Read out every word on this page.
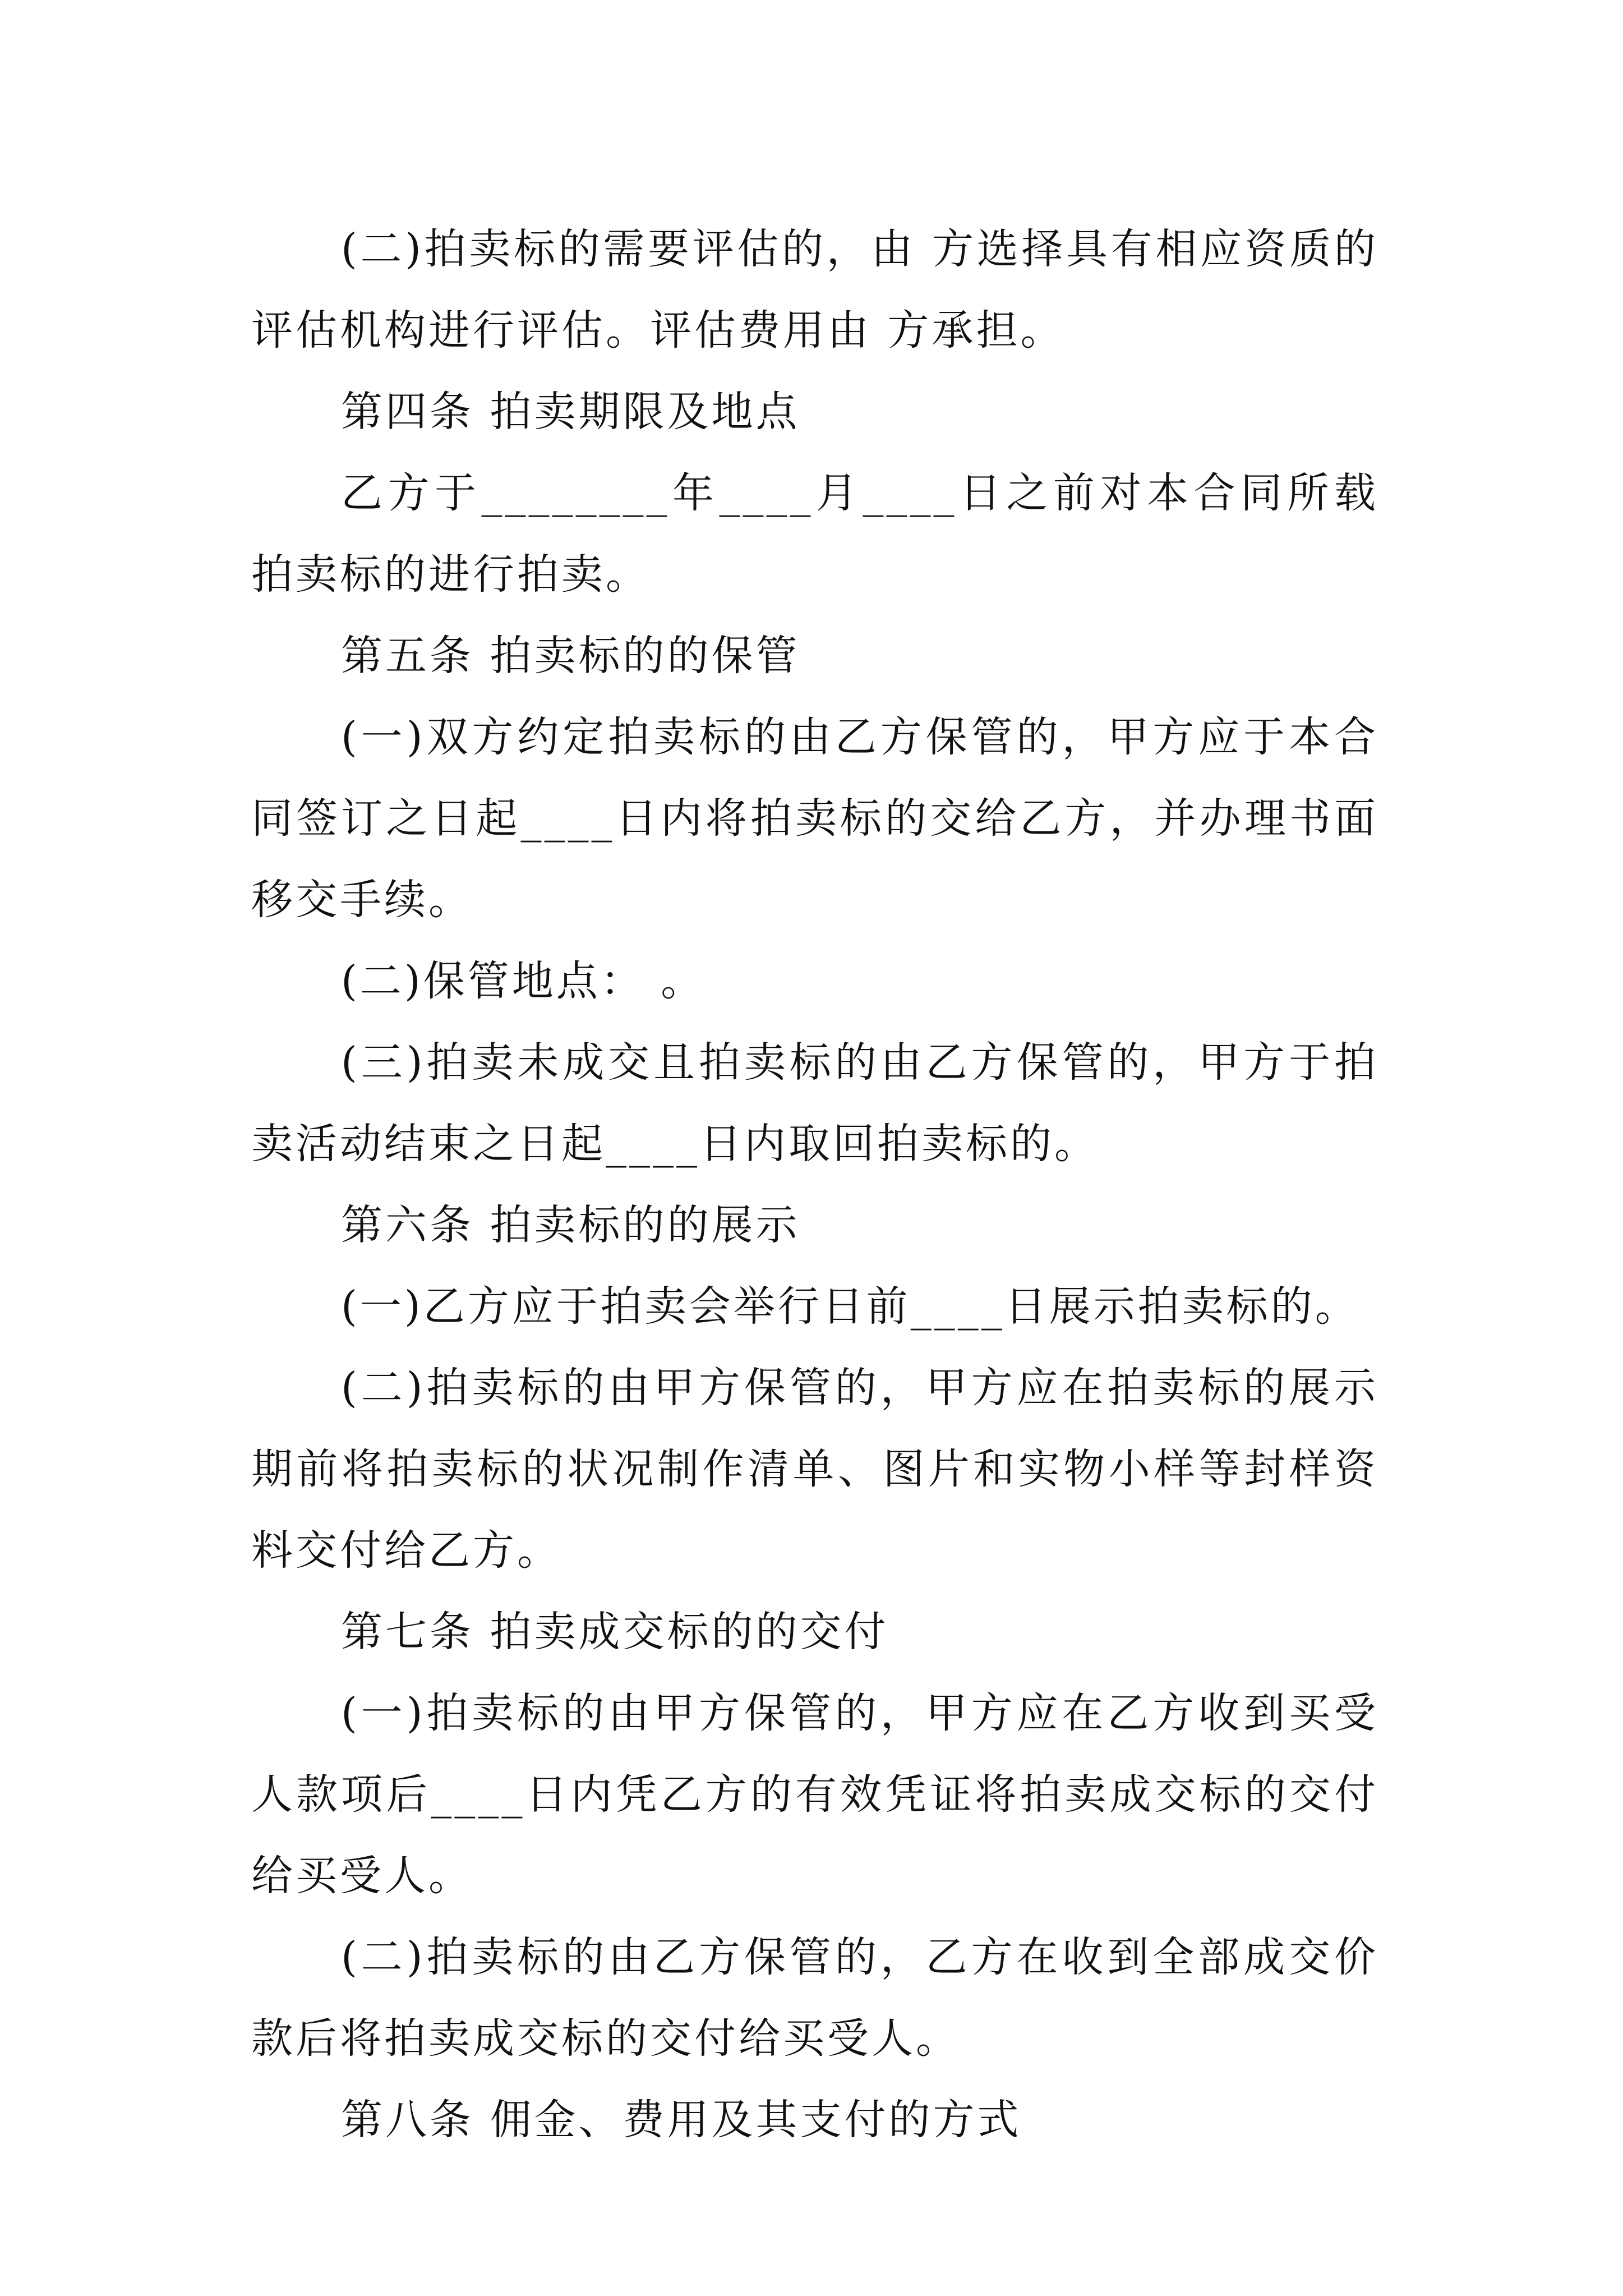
(二)拍卖标的需要评估的，由 方选择具有相应资质的评估机构进行评估。评估费用由 方承担。

第四条 拍卖期限及地点

乙方于________年____月____日之前对本合同所载拍卖标的进行拍卖。

第五条 拍卖标的的保管

(一)双方约定拍卖标的由乙方保管的，甲方应于本合同签订之日起____日内将拍卖标的交给乙方，并办理书面移交手续。

(二)保管地点： 。

(三)拍卖未成交且拍卖标的由乙方保管的，甲方于拍卖活动结束之日起____日内取回拍卖标的。

第六条 拍卖标的的展示

(一)乙方应于拍卖会举行日前____日展示拍卖标的。

(二)拍卖标的由甲方保管的，甲方应在拍卖标的展示期前将拍卖标的状况制作清单、图片和实物小样等封样资料交付给乙方。

第七条 拍卖成交标的的交付

(一)拍卖标的由甲方保管的，甲方应在乙方收到买受人款项后____日内凭乙方的有效凭证将拍卖成交标的交付给买受人。

(二)拍卖标的由乙方保管的，乙方在收到全部成交价款后将拍卖成交标的交付给买受人。

第八条 佣金、费用及其支付的方式
